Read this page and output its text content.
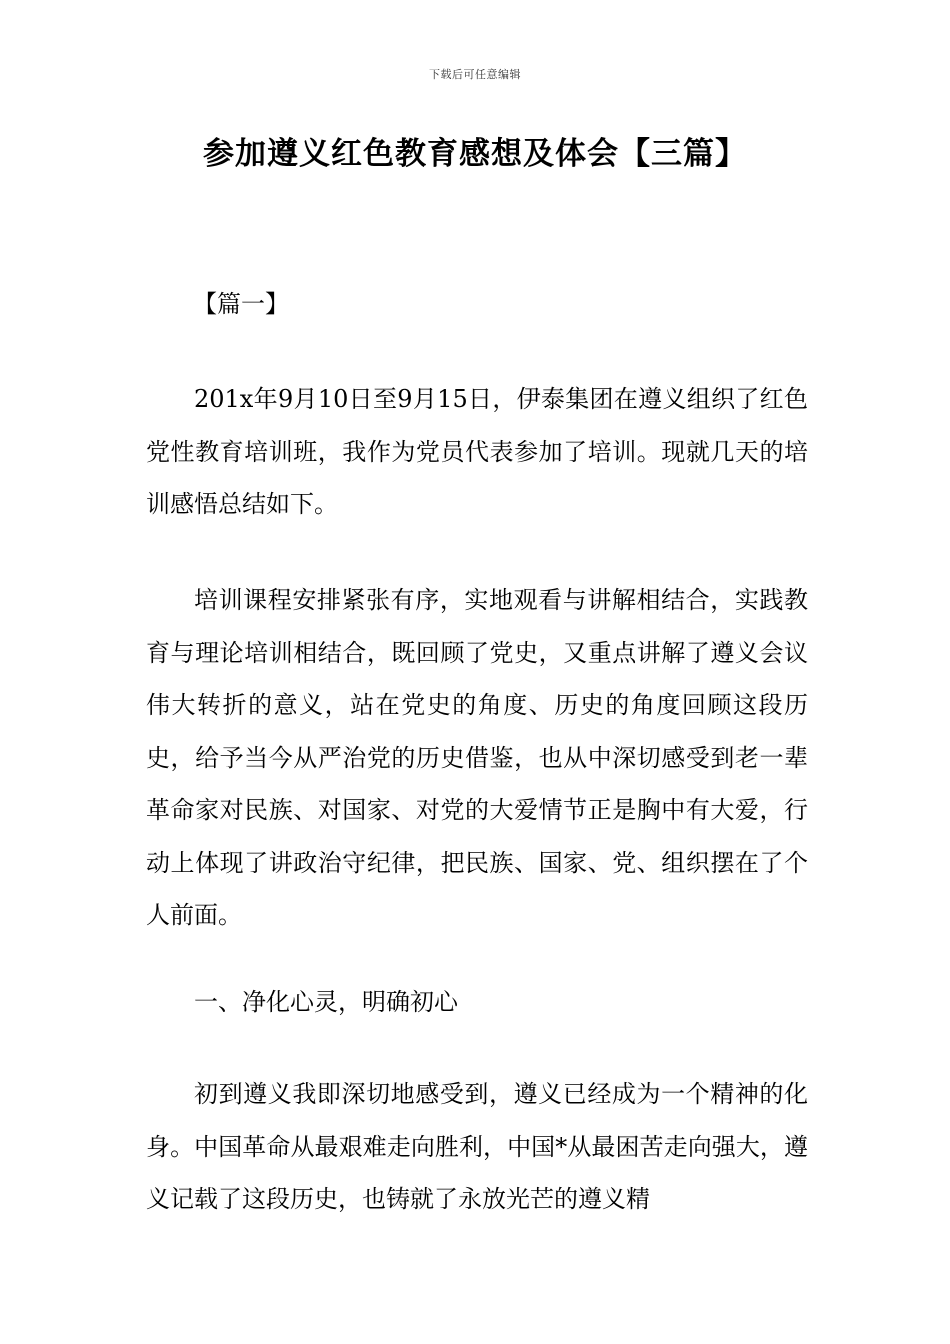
下载后可任意编辑
参加遵义红色教育感想及体会【三篇】
【篇一】

201x年9月10日至9月15日，伊泰集团在遵义组织了红色党性教育培训班，我作为党员代表参加了培训。现就几天的培训感悟总结如下。

培训课程安排紧张有序，实地观看与讲解相结合，实践教育与理论培训相结合，既回顾了党史，又重点讲解了遵义会议伟大转折的意义，站在党史的角度、历史的角度回顾这段历史，给予当今从严治党的历史借鉴，也从中深切感受到老一辈革命家对民族、对国家、对党的大爱情节正是胸中有大爱，行动上体现了讲政治守纪律，把民族、国家、党、组织摆在了个人前面。

一、净化心灵，明确初心

初到遵义我即深切地感受到，遵义已经成为一个精神的化身。中国革命从最艰难走向胜利，中国*从最困苦走向强大，遵义记载了这段历史，也铸就了永放光芒的遵义精
